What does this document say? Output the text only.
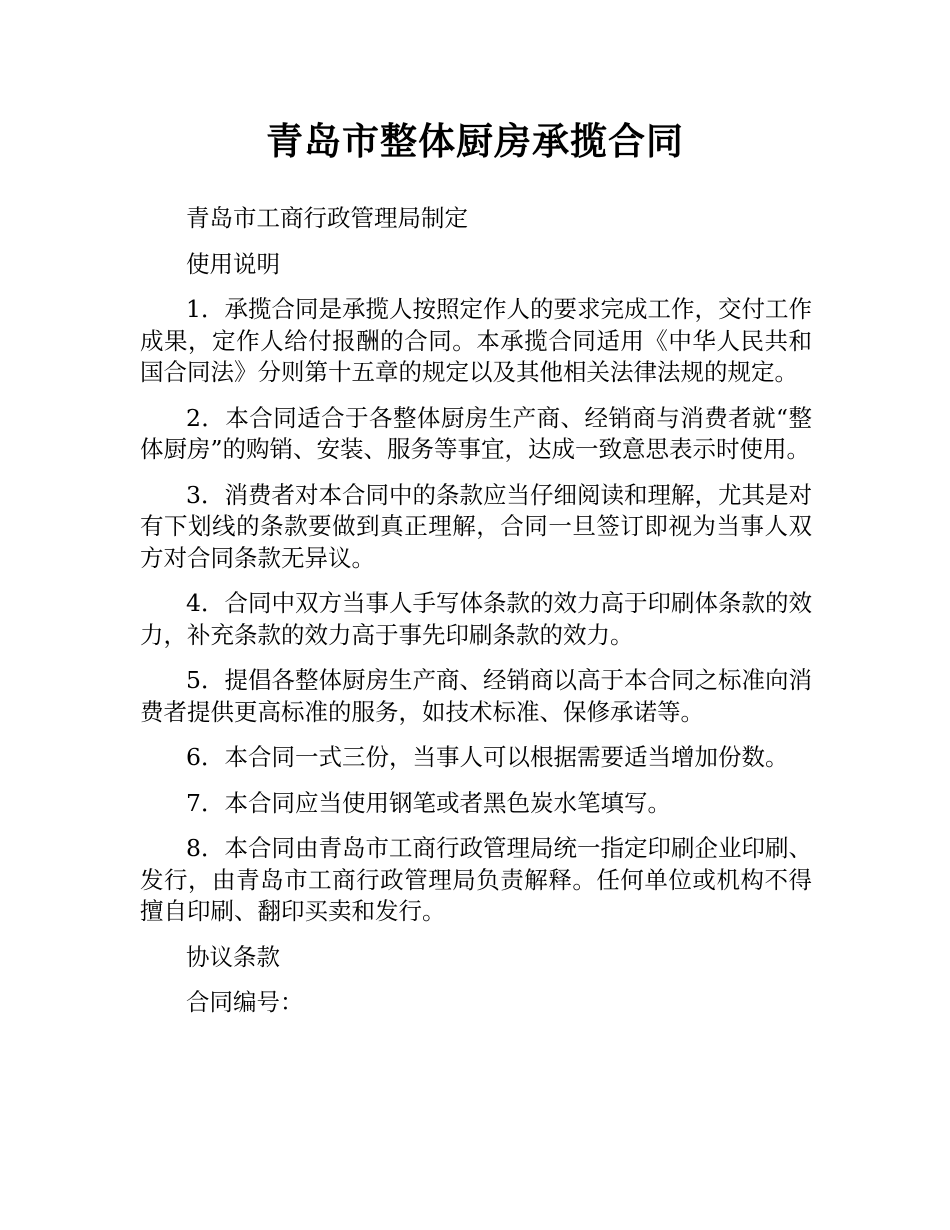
青岛市整体厨房承揽合同

青岛市工商行政管理局制定

使用说明

1．承揽合同是承揽人按照定作人的要求完成工作，交付工作成果，定作人给付报酬的合同。本承揽合同适用《中华人民共和国合同法》分则第十五章的规定以及其他相关法律法规的规定。

2．本合同适合于各整体厨房生产商、经销商与消费者就“整体厨房”的购销、安装、服务等事宜，达成一致意思表示时使用。

3．消费者对本合同中的条款应当仔细阅读和理解，尤其是对有下划线的条款要做到真正理解，合同一旦签订即视为当事人双方对合同条款无异议。

4．合同中双方当事人手写体条款的效力高于印刷体条款的效力，补充条款的效力高于事先印刷条款的效力。

5．提倡各整体厨房生产商、经销商以高于本合同之标准向消费者提供更高标准的服务，如技术标准、保修承诺等。

6．本合同一式三份，当事人可以根据需要适当增加份数。

7．本合同应当使用钢笔或者黑色炭水笔填写。

8．本合同由青岛市工商行政管理局统一指定印刷企业印刷、发行，由青岛市工商行政管理局负责解释。任何单位或机构不得擅自印刷、翻印买卖和发行。

协议条款

合同编号：
